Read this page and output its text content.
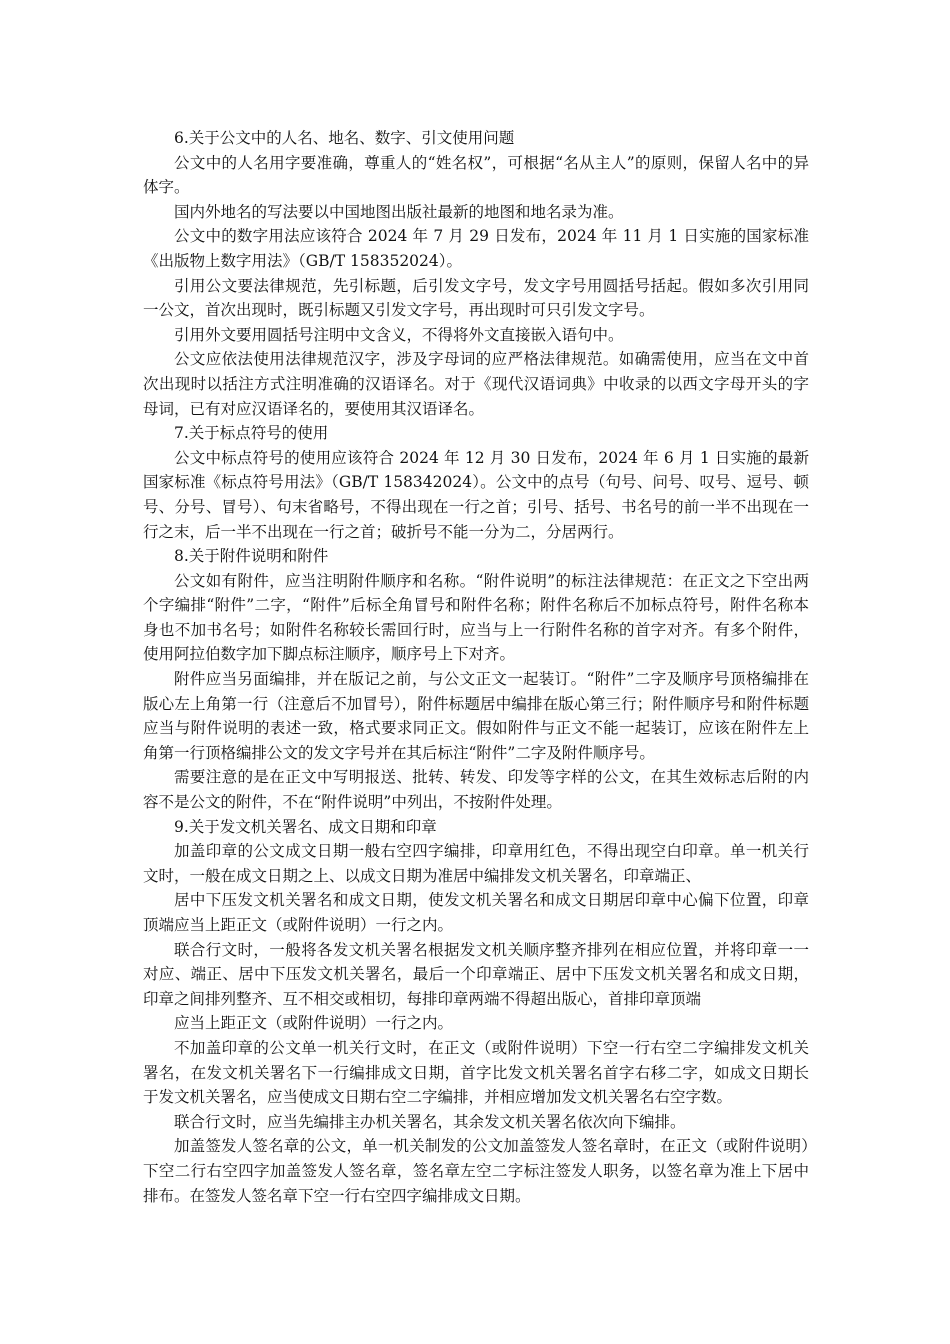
6.关于公文中的人名、地名、数字、引文使用问题

公文中的人名用字要准确，尊重人的“姓名权”，可根据“名从主人”的原则，保留人名中的异体字。

国内外地名的写法要以中国地图出版社最新的地图和地名录为准。

公文中的数字用法应该符合 2024 年 7 月 29 日发布，2024 年 11 月 1 日实施的国家标准《出版物上数字用法》（GB/T 158352024）。

引用公文要法律规范，先引标题，后引发文字号，发文字号用圆括号括起。假如多次引用同一公文，首次出现时，既引标题又引发文字号，再出现时可只引发文字号。

引用外文要用圆括号注明中文含义，不得将外文直接嵌入语句中。

公文应依法使用法律规范汉字，涉及字母词的应严格法律规范。如确需使用，应当在文中首次出现时以括注方式注明准确的汉语译名。对于《现代汉语词典》中收录的以西文字母开头的字母词，已有对应汉语译名的，要使用其汉语译名。

7.关于标点符号的使用

公文中标点符号的使用应该符合 2024 年 12 月 30 日发布，2024 年 6 月 1 日实施的最新国家标准《标点符号用法》（GB/T 158342024）。公文中的点号（句号、问号、叹号、逗号、顿号、分号、冒号）、句末省略号，不得出现在一行之首；引号、括号、书名号的前一半不出现在一行之末，后一半不出现在一行之首；破折号不能一分为二，分居两行。

8.关于附件说明和附件

公文如有附件，应当注明附件顺序和名称。“附件说明”的标注法律规范：在正文之下空出两个字编排“附件”二字，“附件”后标全角冒号和附件名称；附件名称后不加标点符号，附件名称本身也不加书名号；如附件名称较长需回行时，应当与上一行附件名称的首字对齐。有多个附件，使用阿拉伯数字加下脚点标注顺序，顺序号上下对齐。

附件应当另面编排，并在版记之前，与公文正文一起装订。“附件”二字及顺序号顶格编排在版心左上角第一行（注意后不加冒号），附件标题居中编排在版心第三行；附件顺序号和附件标题应当与附件说明的表述一致，格式要求同正文。假如附件与正文不能一起装订，应该在附件左上角第一行顶格编排公文的发文字号并在其后标注“附件”二字及附件顺序号。

需要注意的是在正文中写明报送、批转、转发、印发等字样的公文，在其生效标志后附的内容不是公文的附件，不在“附件说明”中列出，不按附件处理。

9.关于发文机关署名、成文日期和印章

加盖印章的公文成文日期一般右空四字编排，印章用红色，不得出现空白印章。单一机关行文时，一般在成文日期之上、以成文日期为准居中编排发文机关署名，印章端正、

居中下压发文机关署名和成文日期，使发文机关署名和成文日期居印章中心偏下位置，印章顶端应当上距正文（或附件说明）一行之内。

联合行文时，一般将各发文机关署名根据发文机关顺序整齐排列在相应位置，并将印章一一对应、端正、居中下压发文机关署名，最后一个印章端正、居中下压发文机关署名和成文日期，印章之间排列整齐、互不相交或相切，每排印章两端不得超出版心，首排印章顶端

应当上距正文（或附件说明）一行之内。

不加盖印章的公文单一机关行文时，在正文（或附件说明）下空一行右空二字编排发文机关署名，在发文机关署名下一行编排成文日期，首字比发文机关署名首字右移二字，如成文日期长于发文机关署名，应当使成文日期右空二字编排，并相应增加发文机关署名右空字数。

联合行文时，应当先编排主办机关署名，其余发文机关署名依次向下编排。

加盖签发人签名章的公文，单一机关制发的公文加盖签发人签名章时，在正文（或附件说明）下空二行右空四字加盖签发人签名章，签名章左空二字标注签发人职务，以签名章为准上下居中排布。在签发人签名章下空一行右空四字编排成文日期。
